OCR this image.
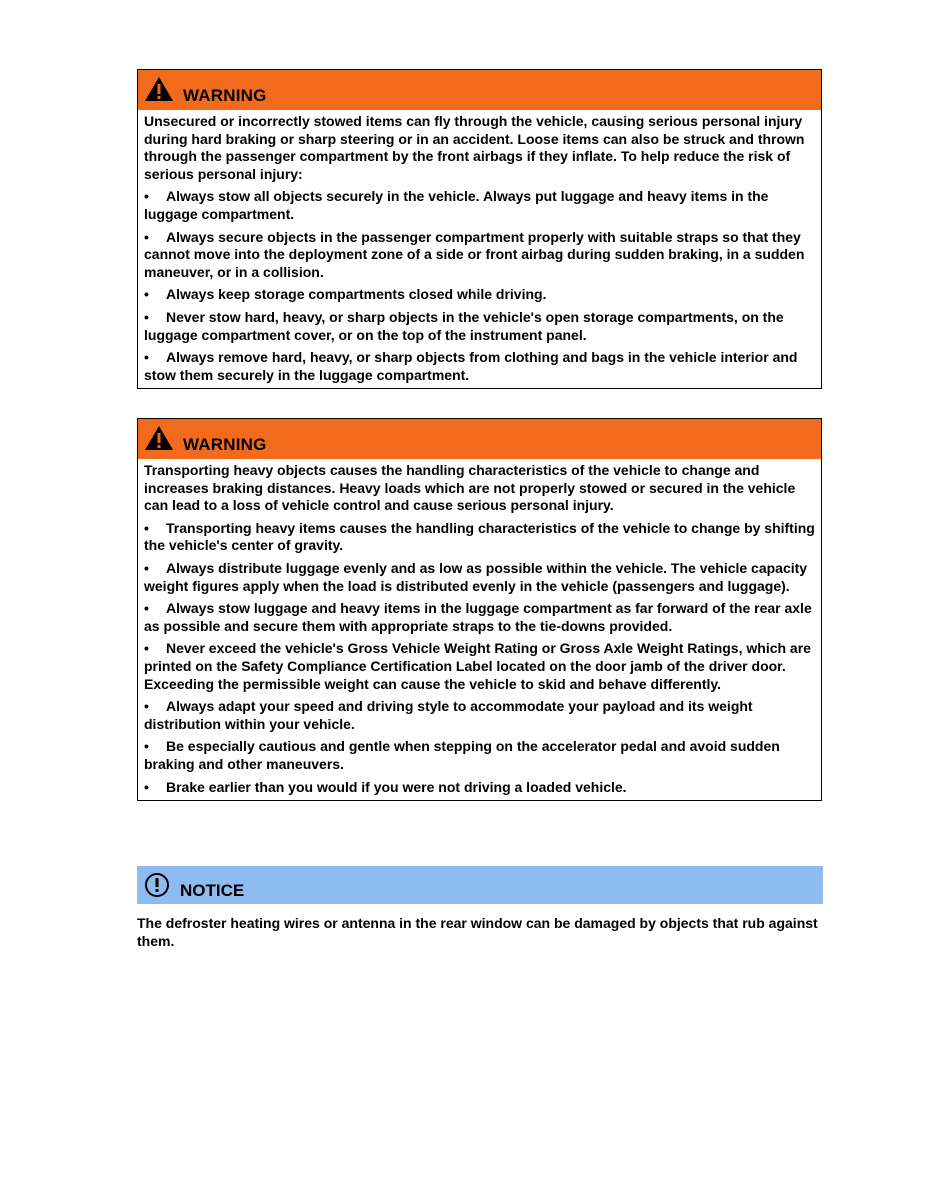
WARNING

Unsecured or incorrectly stowed items can fly through the vehicle, causing serious personal injury during hard braking or sharp steering or in an accident. Loose items can also be struck and thrown through the passenger compartment by the front airbags if they inflate. To help reduce the risk of serious personal injury:

• Always stow all objects securely in the vehicle. Always put luggage and heavy items in the luggage compartment.
• Always secure objects in the passenger compartment properly with suitable straps so that they cannot move into the deployment zone of a side or front airbag during sudden braking, in a sudden maneuver, or in a collision.
• Always keep storage compartments closed while driving.
• Never stow hard, heavy, or sharp objects in the vehicle's open storage compartments, on the luggage compartment cover, or on the top of the instrument panel.
• Always remove hard, heavy, or sharp objects from clothing and bags in the vehicle interior and stow them securely in the luggage compartment.
WARNING

Transporting heavy objects causes the handling characteristics of the vehicle to change and increases braking distances. Heavy loads which are not properly stowed or secured in the vehicle can lead to a loss of vehicle control and cause serious personal injury.

• Transporting heavy items causes the handling characteristics of the vehicle to change by shifting the vehicle's center of gravity.
• Always distribute luggage evenly and as low as possible within the vehicle. The vehicle capacity weight figures apply when the load is distributed evenly in the vehicle (passengers and luggage).
• Always stow luggage and heavy items in the luggage compartment as far forward of the rear axle as possible and secure them with appropriate straps to the tie-downs provided.
• Never exceed the vehicle's Gross Vehicle Weight Rating or Gross Axle Weight Ratings, which are printed on the Safety Compliance Certification Label located on the door jamb of the driver door. Exceeding the permissible weight can cause the vehicle to skid and behave differently.
• Always adapt your speed and driving style to accommodate your payload and its weight distribution within your vehicle.
• Be especially cautious and gentle when stepping on the accelerator pedal and avoid sudden braking and other maneuvers.
• Brake earlier than you would if you were not driving a loaded vehicle.
NOTICE
The defroster heating wires or antenna in the rear window can be damaged by objects that rub against them.
